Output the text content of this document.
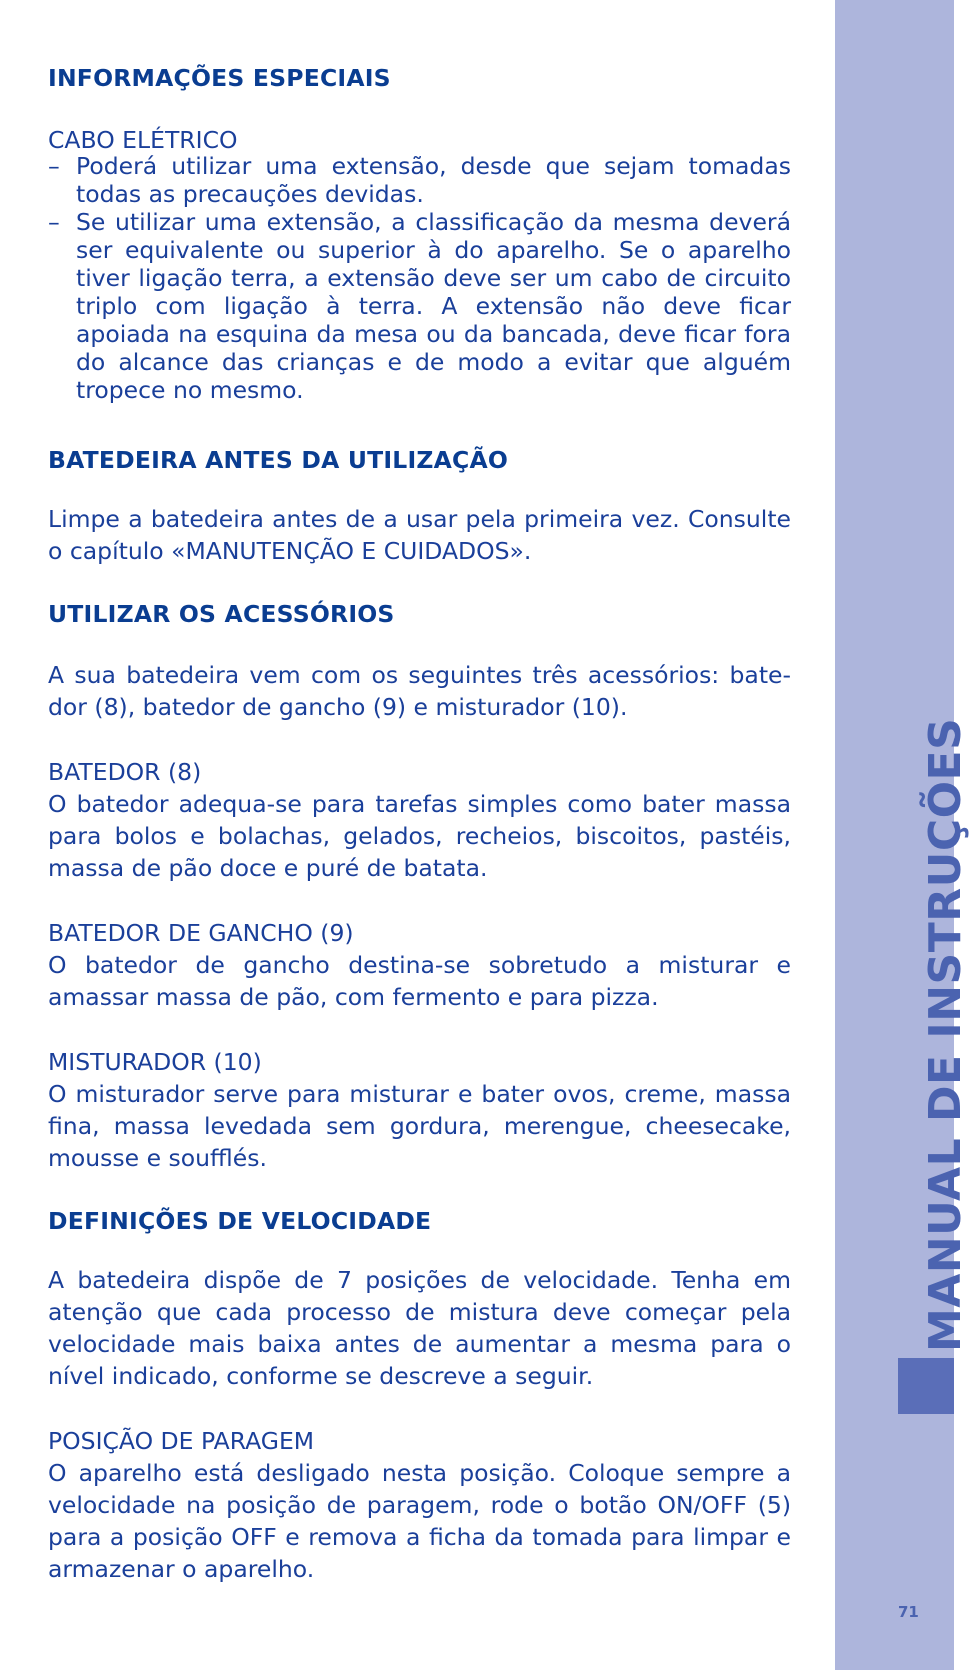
INFORMAÇÕES ESPECIAIS

CABO ELÉTRICO

– Poderá utilizar uma extensão, desde que sejam tomadas todas as precauções devidas.
– Se utilizar uma extensão, a classificação da mesma deverá ser equivalente ou superior à do aparelho. Se o aparelho tiver ligação terra, a extensão deve ser um cabo de circuito triplo com ligação à terra. A extensão não deve ficar apoiada na esquina da mesa ou da bancada, deve ficar fora do alcance das crianças e de modo a evitar que alguém tropece no mesmo.
BATEDEIRA ANTES DA UTILIZAÇÃO

Limpe a batedeira antes de a usar pela primeira vez. Consulte o capítulo «MANUTENÇÃO E CUIDADOS».

UTILIZAR OS ACESSÓRIOS

A sua batedeira vem com os seguintes três acessórios: batedor (8), batedor de gancho (9) e misturador (10).

BATEDOR (8)

O batedor adequa-se para tarefas simples como bater massa para bolos e bolachas, gelados, recheios, biscoitos, pastéis, massa de pão doce e puré de batata.

BATEDOR DE GANCHO (9)

O batedor de gancho destina-se sobretudo a misturar e amassar massa de pão, com fermento e para pizza.

MISTURADOR (10)

O misturador serve para misturar e bater ovos, creme, massa fina, massa levedada sem gordura, merengue, cheesecake, mousse e soufflés.

DEFINIÇÕES DE VELOCIDADE

A batedeira dispõe de 7 posições de velocidade. Tenha em atenção que cada processo de mistura deve começar pela velocidade mais baixa antes de aumentar a mesma para o nível indicado, conforme se descreve a seguir.

POSIÇÃO DE PARAGEM

O aparelho está desligado nesta posição. Coloque sempre a velocidade na posição de paragem, rode o botão ON/OFF (5) para a posição OFF e remova a ficha da tomada para limpar e armazenar o aparelho.

MANUAL DE INSTRUÇÕES
71
